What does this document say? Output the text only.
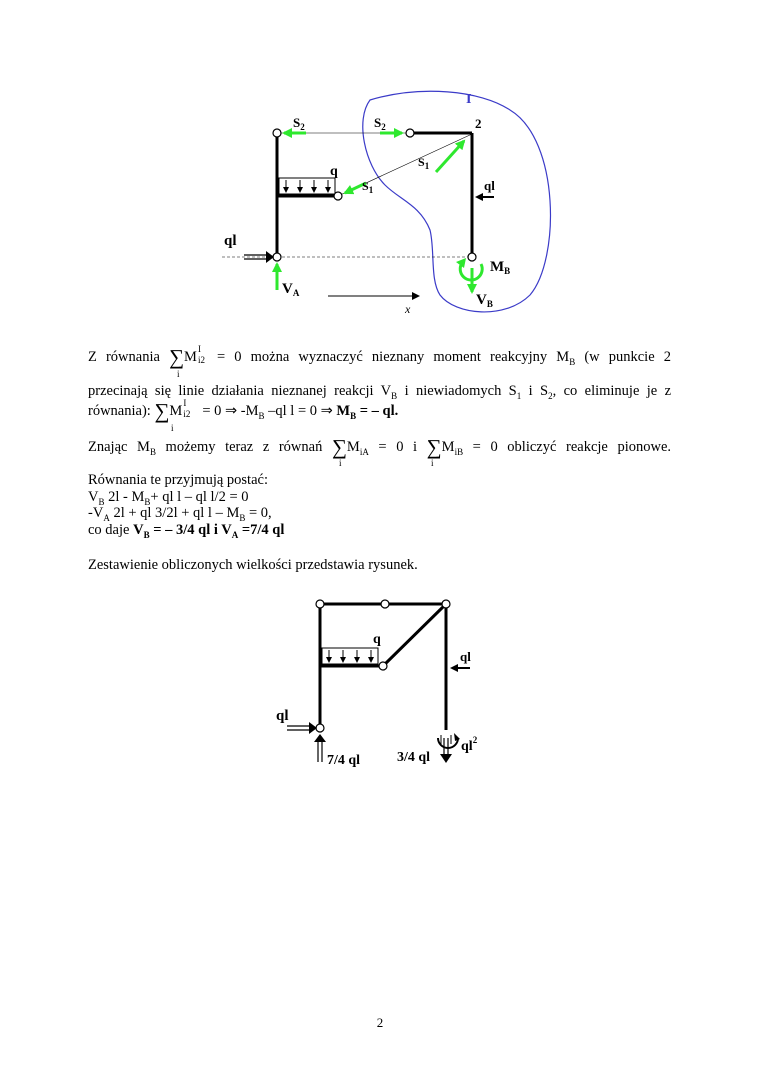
I
$S_2$	$S_2$	2
q
$S_1$
$S_1$
ql
ql
$V_A$
$M_B$
$V_B$
x
Z równania ∑M I
i2 = 0 można wyznaczyć nieznany moment reakcyjny $M_B$ (w punkcie 2
i
przecinają się linie działania nieznanej reakcji $V_B$ i niewiadomych $S_1$ i $S_2$, co eliminuje je z
równania): ∑M I
i2 = 0 ⇒ $-M_B$ –ql l = 0 ⇒ $M_B$ = – ql.
i
Znając $M_B$ możemy teraz z równań $\sum M_{iA} = 0$ i $\sum M_{iB} = 0$ obliczyć reakcje pionowe.
i	i
Równania te przyjmują postać:
$V_B$ $2l - M_B+$ ql l – ql l/2 = 0
$-V_A$ 2l + ql 3/2l + ql $l - M_B = 0$,
co daje $V_B$ = – 3/4 ql i $V_A =7/4$ ql
Zestawienie obliczonych wielkości przedstawia rysunek.
q
ql
ql
7/4 ql	3/4 ql
$ql^2$
2
